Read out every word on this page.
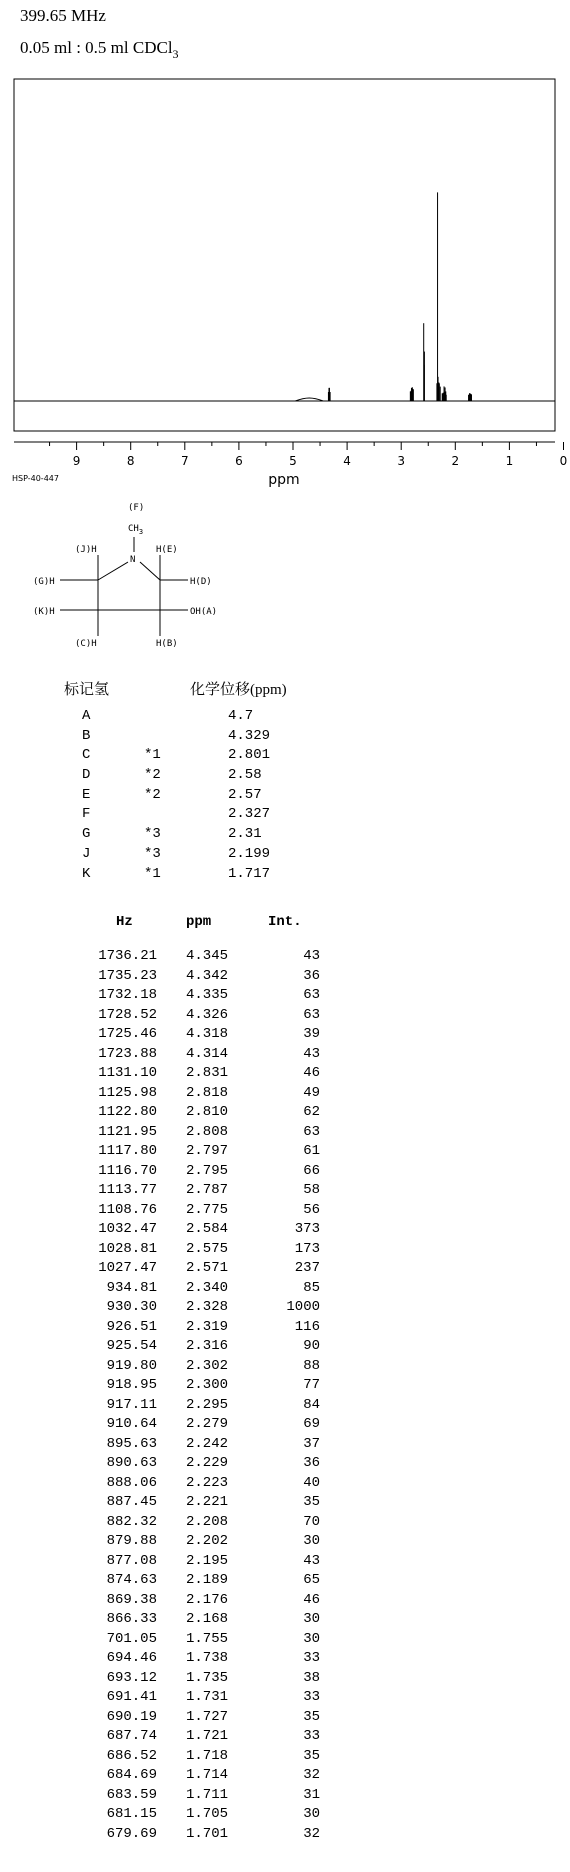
399.65 MHz
0.05 ml : 0.5 ml CDCl$_3$
9	8	7	6	5	4	3	2	1	0
ppm
HSP-40-447
(F)
$CH_3$
(J)H	H(E)
N
(G)H	H(D)
(K)H	OH(A)
(C)H	H(B)
标记氢	化学位移(ppm)
A	4.7
B	4.329
C	*1	2.801
D	*2	2.58
E	*2	2.57
F	2.327
G	*3	2.31
J	*3	2.199
K	*1	1.717
Hz	ppm	Int.
1736.21 4.345	43
1735.23 4.342	36
1732.18 4.335	63
1728.52 4.326	63
1725.46 4.318	39
1723.88 4.314	43
1131.10 2.831	46
1125.98 2.818	49
1122.80 2.810	62
1121.95 2.808	63
1117.80 2.797	61
1116.70 2.795	66
1113.77 2.787	58
1108.76 2.775	56
1032.47 2.584	373
1028.81 2.575	173
1027.47 2.571	237
934.81 2.340	85
930.30 2.328	1000
926.51 2.319	116
925.54 2.316	90
919.80 2.302	88
918.95 2.300	77
917.11 2.295	84
910.64 2.279	69
895.63 2.242	37
890.63 2.229	36
888.06 2.223	40
887.45 2.221	35
882.32 2.208	70
879.88 2.202	30
877.08 2.195	43
874.63 2.189	65
869.38 2.176	46
866.33 2.168	30
701.05 1.755	30
694.46 1.738	33
693.12 1.735	38
691.41 1.731	33
690.19 1.727	35
687.74 1.721	33
686.52 1.718	35
684.69 1.714	32
683.59 1.711	31
681.15 1.705	30
679.69 1.701	32
